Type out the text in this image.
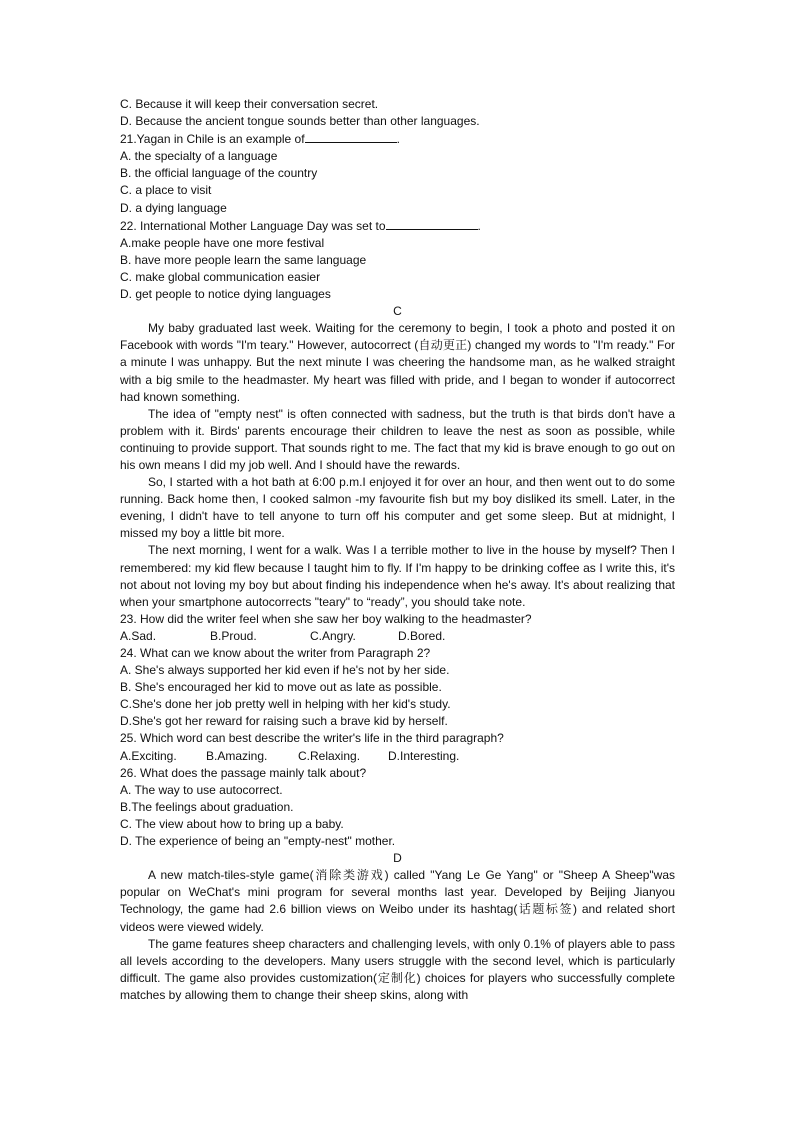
C. Because it will keep their conversation secret.
D. Because the ancient tongue sounds better than other languages.
21.Yagan in Chile is an example of	.
A. the specialty of a language
B. the official language of the country
C. a place to visit
D. a dying language
22. International Mother Language Day was set to	.
A.make people have one more festival
B. have more people learn the same language
C. make global communication easier
D. get people to notice dying languages
C
My baby graduated last week. Waiting for the ceremony to begin, I took a photo and posted it on Facebook with words "I'm teary." However, autocorrect (自动更正) changed my words to "I'm ready." For a minute I was unhappy. But the next minute I was cheering the handsome man, as he walked straight with a big smile to the headmaster. My heart was filled with pride, and I began to wonder if autocorrect had known something.
The idea of "empty nest" is often connected with sadness, but the truth is that birds don't have a problem with it. Birds' parents encourage their children to leave the nest as soon as possible, while continuing to provide support. That sounds right to me. The fact that my kid is brave enough to go out on his own means I did my job well. And I should have the rewards.
So, I started with a hot bath at 6:00 p.m.I enjoyed it for over an hour, and then went out to do some running. Back home then, I cooked salmon -my favourite fish but my boy disliked its smell. Later, in the evening, I didn't have to tell anyone to turn off his computer and get some sleep. But at midnight, I missed my boy a little bit more.
The next morning, I went for a walk. Was I a terrible mother to live in the house by myself? Then I remembered: my kid flew because I taught him to fly. If I'm happy to be drinking coffee as I write this, it's not about not loving my boy but about finding his independence when he's away. It's about realizing that when your smartphone autocorrects "teary" to “ready”, you should take note.
23. How did the writer feel when she saw her boy walking to the headmaster?
A.Sad.	B.Proud.	C.Angry.	D.Bored.
24. What can we know about the writer from Paragraph 2?
A. She's always supported her kid even if he's not by her side.
B. She's encouraged her kid to move out as late as possible.
C.She's done her job pretty well in helping with her kid's study.
D.She's got her reward for raising such a brave kid by herself.
25. Which word can best describe the writer's life in the third paragraph?
A.Exciting. B.Amazing.	C.Relaxing. D.Interesting.
26. What does the passage mainly talk about?
A. The way to use autocorrect.
B.The feelings about graduation.
C. The view about how to bring up a baby.
D. The experience of being an "empty-nest" mother.
D
A new match-tiles-style game(消除类游戏) called "Yang Le Ge Yang" or "Sheep A Sheep"was popular on WeChat's mini program for several months last year. Developed by Beijing Jianyou Technology, the game had 2.6 billion views on Weibo under its hashtag(话题标签) and related short videos were viewed widely.
The game features sheep characters and challenging levels, with only 0.1% of players able to pass all levels according to the developers. Many users struggle with the second level, which is particularly difficult. The game also provides customization(定制化) choices for players who successfully complete matches by allowing them to change their sheep skins, along with
